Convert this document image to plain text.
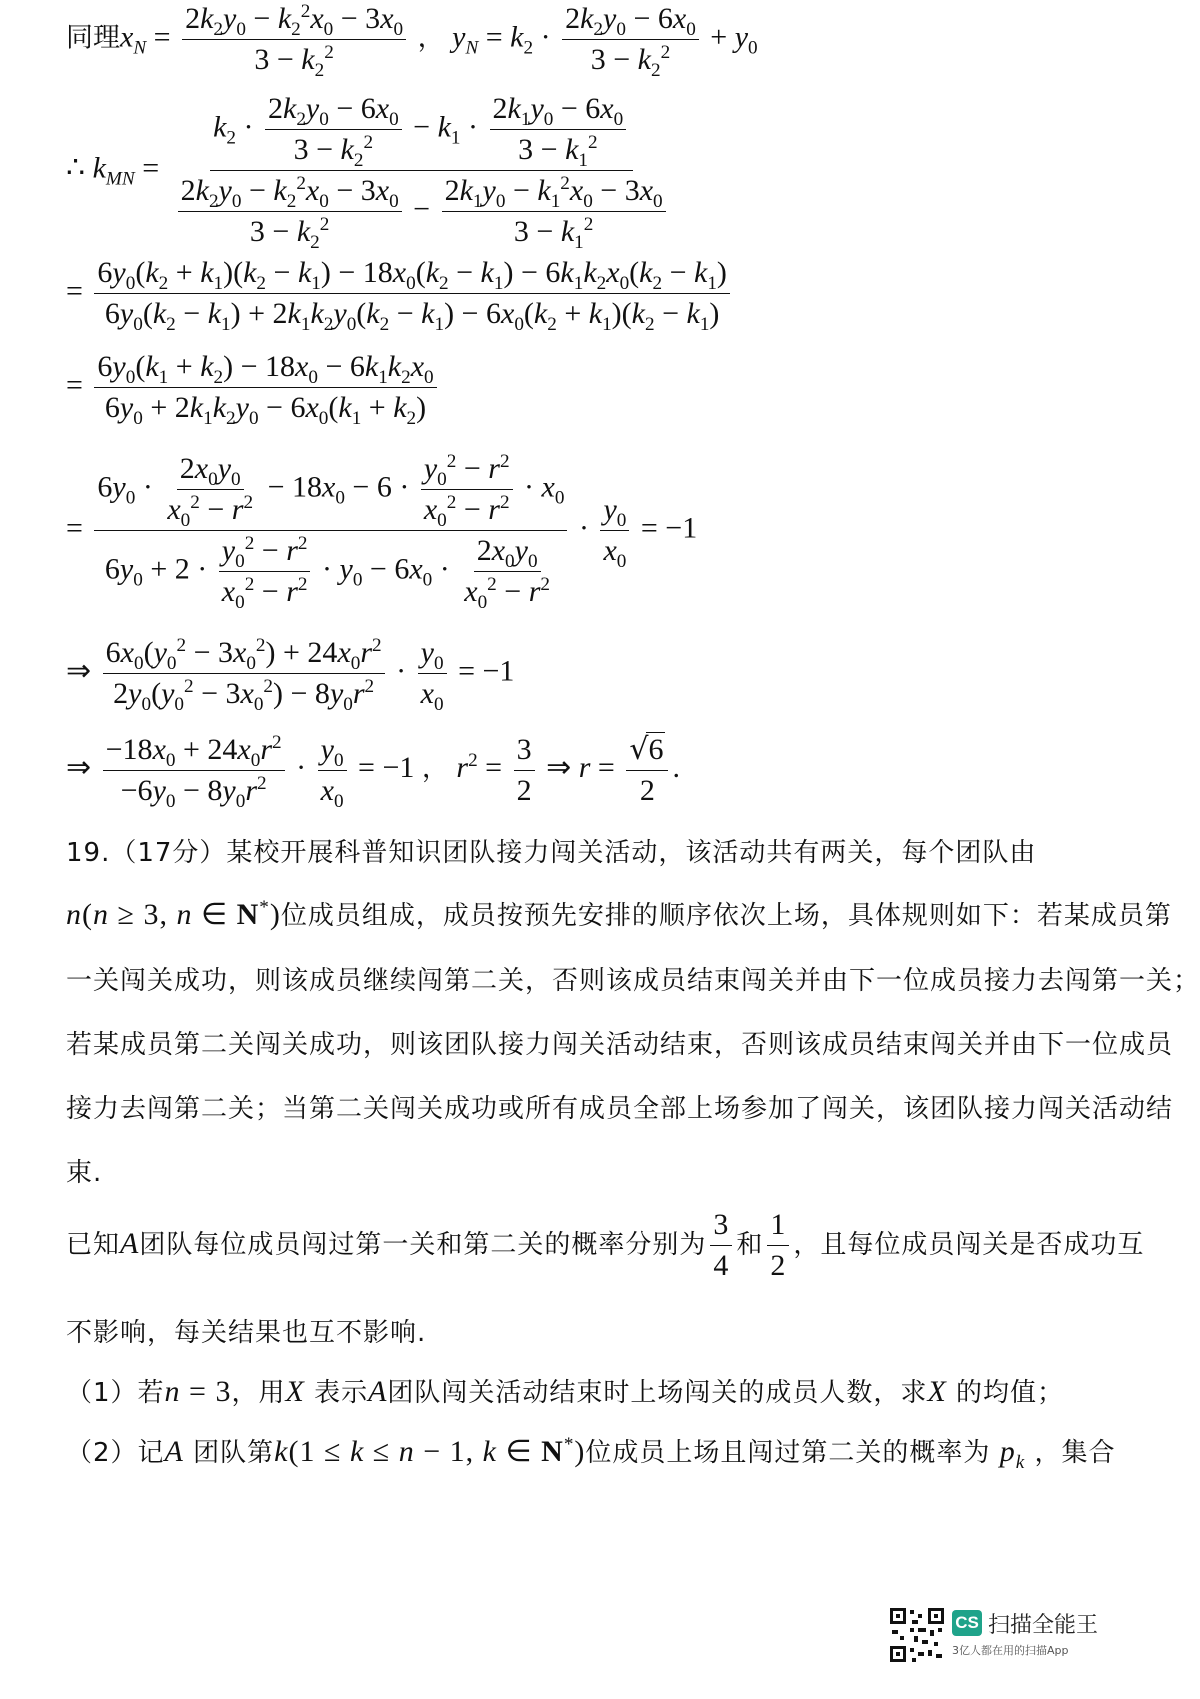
同理$x_N = \frac{2k_2y_0 - k_2^2x_0 - 3x_0}{3 - k_2^2}$ ， $y_N = k_2 \cdot \frac{2k_2y_0 - 6x_0}{3 - k_2^2} + y_0$
∴ $k_{MN}$ =
$k_2 \cdot \frac{2k_2y_0 - 6x_0}{3 - k_2^2} - k_1 \cdot \frac{2k_1y_0 - 6x_0}{3 - k_1^2}$
$\frac{2k_2y_0 - k_2^2x_0 - 3x_0}{3 - k_2^2} - \frac{2k_1y_0 - k_1^2x_0 - 3x_0}{3 - k_1^2}$
= $\frac{6y_0(k_2 + k_1)(k_2 - k_1) - 18x_0(k_2 - k_1) - 6k_1k_2x_0(k_2 - k_1)}{6y_0(k_2 - k_1) + 2k_1k_2y_0(k_2 - k_1) - 6x_0(k_2 + k_1)(k_2 - k_1)}$
= $\frac{6y_0(k_1 + k_2) - 18x_0 - 6k_1k_2x_0}{6y_0 + 2k_1k_2y_0 - 6x_0(k_1 + k_2)}$
=
$6y_0 \cdot \frac{2x_0y_0}{x_0^2 - r^2} - 18x_0 - 6 \cdot \frac{y_0^2 - r^2}{x_0^2 - r^2} \cdot x_0$
$6y_0 + 2 \cdot \frac{y_0^2 - r^2}{x_0^2 - r^2} \cdot y_0 - 6x_0 \cdot \frac{2x_0y_0}{x_0^2 - r^2}$
· $\frac{y_0}{x_0} = -1$
⇒ $\frac{6x_0(y_0^2 - 3x_0^2) + 24x_0r^2}{2y_0(y_0^2 - 3x_0^2) - 8y_0r^2} \cdot \frac{y_0}{x_0} = -1$
⇒ $\frac{-18x_0 + 24x_0r^2}{-6y_0 - 8y_0r^2} \cdot \frac{y_0}{x_0} = -1$ ， $r^2 = \frac{3}{2}$ ⇒ $r = \frac{√6}{2}$ .
19.（17分）某校开展科普知识团队接力闯关活动，该活动共有两关，每个团队由
n(n ≥ 3, n ∈ N*)位成员组成，成员按预先安排的顺序依次上场，具体规则如下：若某成员第
一关闯关成功，则该成员继续闯第二关，否则该成员结束闯关并由下一位成员接力去闯第一关；
若某成员第二关闯关成功，则该团队接力闯关活动结束，否则该成员结束闯关并由下一位成员
接力去闯第二关；当第二关闯关成功或所有成员全部上场参加了闯关，该团队接力闯关活动结
束.
已知A团队每位成员闯过第一关和第二关的概率分别为 $\frac{3}{4}$ 和 $\frac{1}{2}$ ，且每位成员闯关是否成功互
不影响，每关结果也互不影响.
（1）若n = 3，用X 表示A团队闯关活动结束时上场闯关的成员人数，求X 的均值；
（2）记A 团队第k(1 ≤ k ≤ n − 1, k ∈ N*)位成员上场且闯过第二关的概率为 $p_k$ ，集合
CS 扫描全能王
3亿人都在用的扫描App
